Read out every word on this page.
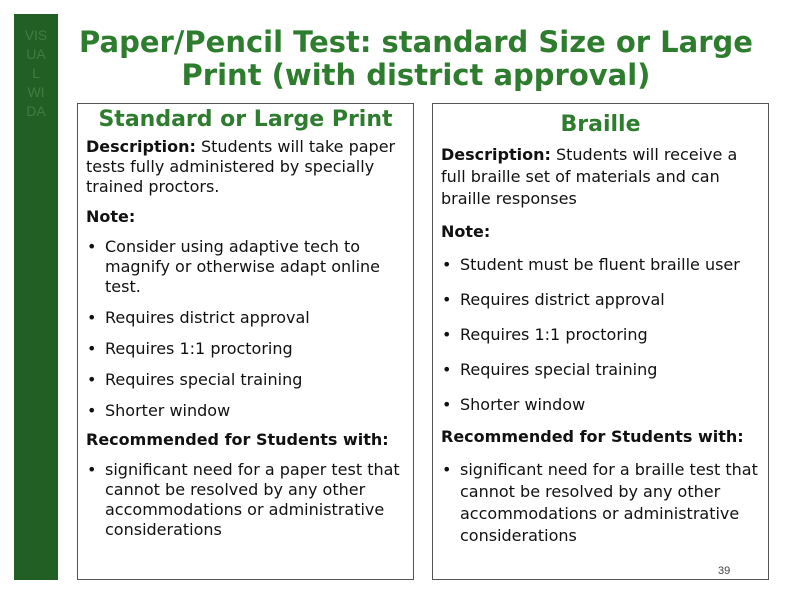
VIS
UA
L
WI
DA
Paper/Pencil Test: standard Size or Large
Print (with district approval)
Standard or Large Print

Description: Students will take paper tests fully administered by specially trained proctors.

Note:

• Consider using adaptive tech to magnify or otherwise adapt online test.
• Requires district approval
• Requires 1:1 proctoring
• Requires special training
• Shorter window

Recommended for Students with:

• significant need for a paper test that cannot be resolved by any other accommodations or administrative considerations
Braille

Description: Students will receive a full braille set of materials and can braille responses

Note:

• Student must be fluent braille user
• Requires district approval
• Requires 1:1 proctoring
• Requires special training
• Shorter window

Recommended for Students with:

• significant need for a braille test that cannot be resolved by any other accommodations or administrative considerations
39
